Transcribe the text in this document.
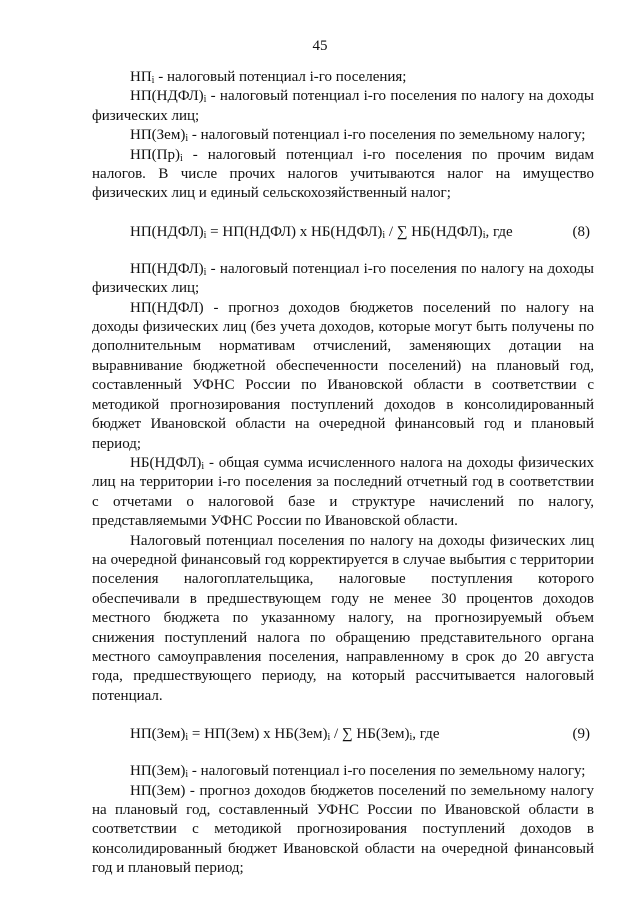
45

$НП_i$ - налоговый потенциал i-го поселения;

$НП(НДФЛ)_i$ - налоговый потенциал i-го поселения по налогу на доходы физических лиц;

$НП(Зем)_i$ - налоговый потенциал i-го поселения по земельному налогу;

$НП(Пр)_i$ - налоговый потенциал i-го поселения по прочим видам налогов. В числе прочих налогов учитываются налог на имущество физических лиц и единый сельскохозяйственный налог;

$НП(НДФЛ)_i$ = НП(НДФЛ) х $НБ(НДФЛ)_i$ / ∑ $НБ(НДФЛ)_i$, где	(8)

$НП(НДФЛ)_i$ - налоговый потенциал i-го поселения по налогу на доходы физических лиц;

НП(НДФЛ) - прогноз доходов бюджетов поселений по налогу на доходы физических лиц (без учета доходов, которые могут быть получены по дополнительным нормативам отчислений, заменяющих дотации на выравнивание бюджетной обеспеченности поселений) на плановый год, составленный УФНС России по Ивановской области в соответствии с методикой прогнозирования поступлений доходов в консолидированный бюджет Ивановской области на очередной финансовый год и плановый период;

$НБ(НДФЛ)_i$ - общая сумма исчисленного налога на доходы физических лиц на территории i-го поселения за последний отчетный год в соответствии с отчетами о налоговой базе и структуре начислений по налогу, представляемыми УФНС России по Ивановской области.

Налоговый потенциал поселения по налогу на доходы физических лиц на очередной финансовый год корректируется в случае выбытия с территории поселения налогоплательщика, налоговые поступления которого обеспечивали в предшествующем году не менее 30 процентов доходов местного бюджета по указанному налогу, на прогнозируемый объем снижения поступлений налога по обращению представительного органа местного самоуправления поселения, направленному в срок до 20 августа года, предшествующего периоду, на который рассчитывается налоговый потенциал.

$НП(Зем)_i = НП(Зем)$ х $НБ(Зем)_i$ / ∑ $НБ(Зем)_i$, где	(9)

$НП(Зем)_i$ - налоговый потенциал i-го поселения по земельному налогу;

НП(Зем) - прогноз доходов бюджетов поселений по земельному налогу на плановый год, составленный УФНС России по Ивановской области в соответствии с методикой прогнозирования поступлений доходов в консолидированный бюджет Ивановской области на очередной финансовый год и плановый период;
